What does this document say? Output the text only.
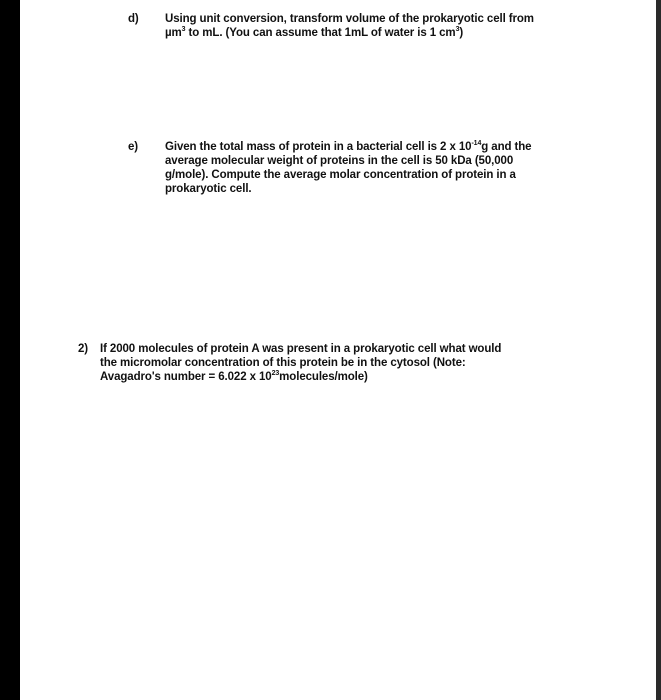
d) Using unit conversion, transform volume of the prokaryotic cell from
µm$^3$ to mL. (You can assume that 1mL of water is 1 $cm^3$)
e) Given the total mass of protein in a bacterial cell is 2 x $10^{-14}g$ and the
average molecular weight of proteins in the cell is 50 kDa (50,000
g/mole). Compute the average molar concentration of protein in a
prokaryotic cell.
2) If 2000 molecules of protein A was present in a prokaryotic cell what would
the micromolar concentration of this protein be in the cytosol (Note:
Avagadro's number = 6.022 x $10^{23}molecules/mole$)
